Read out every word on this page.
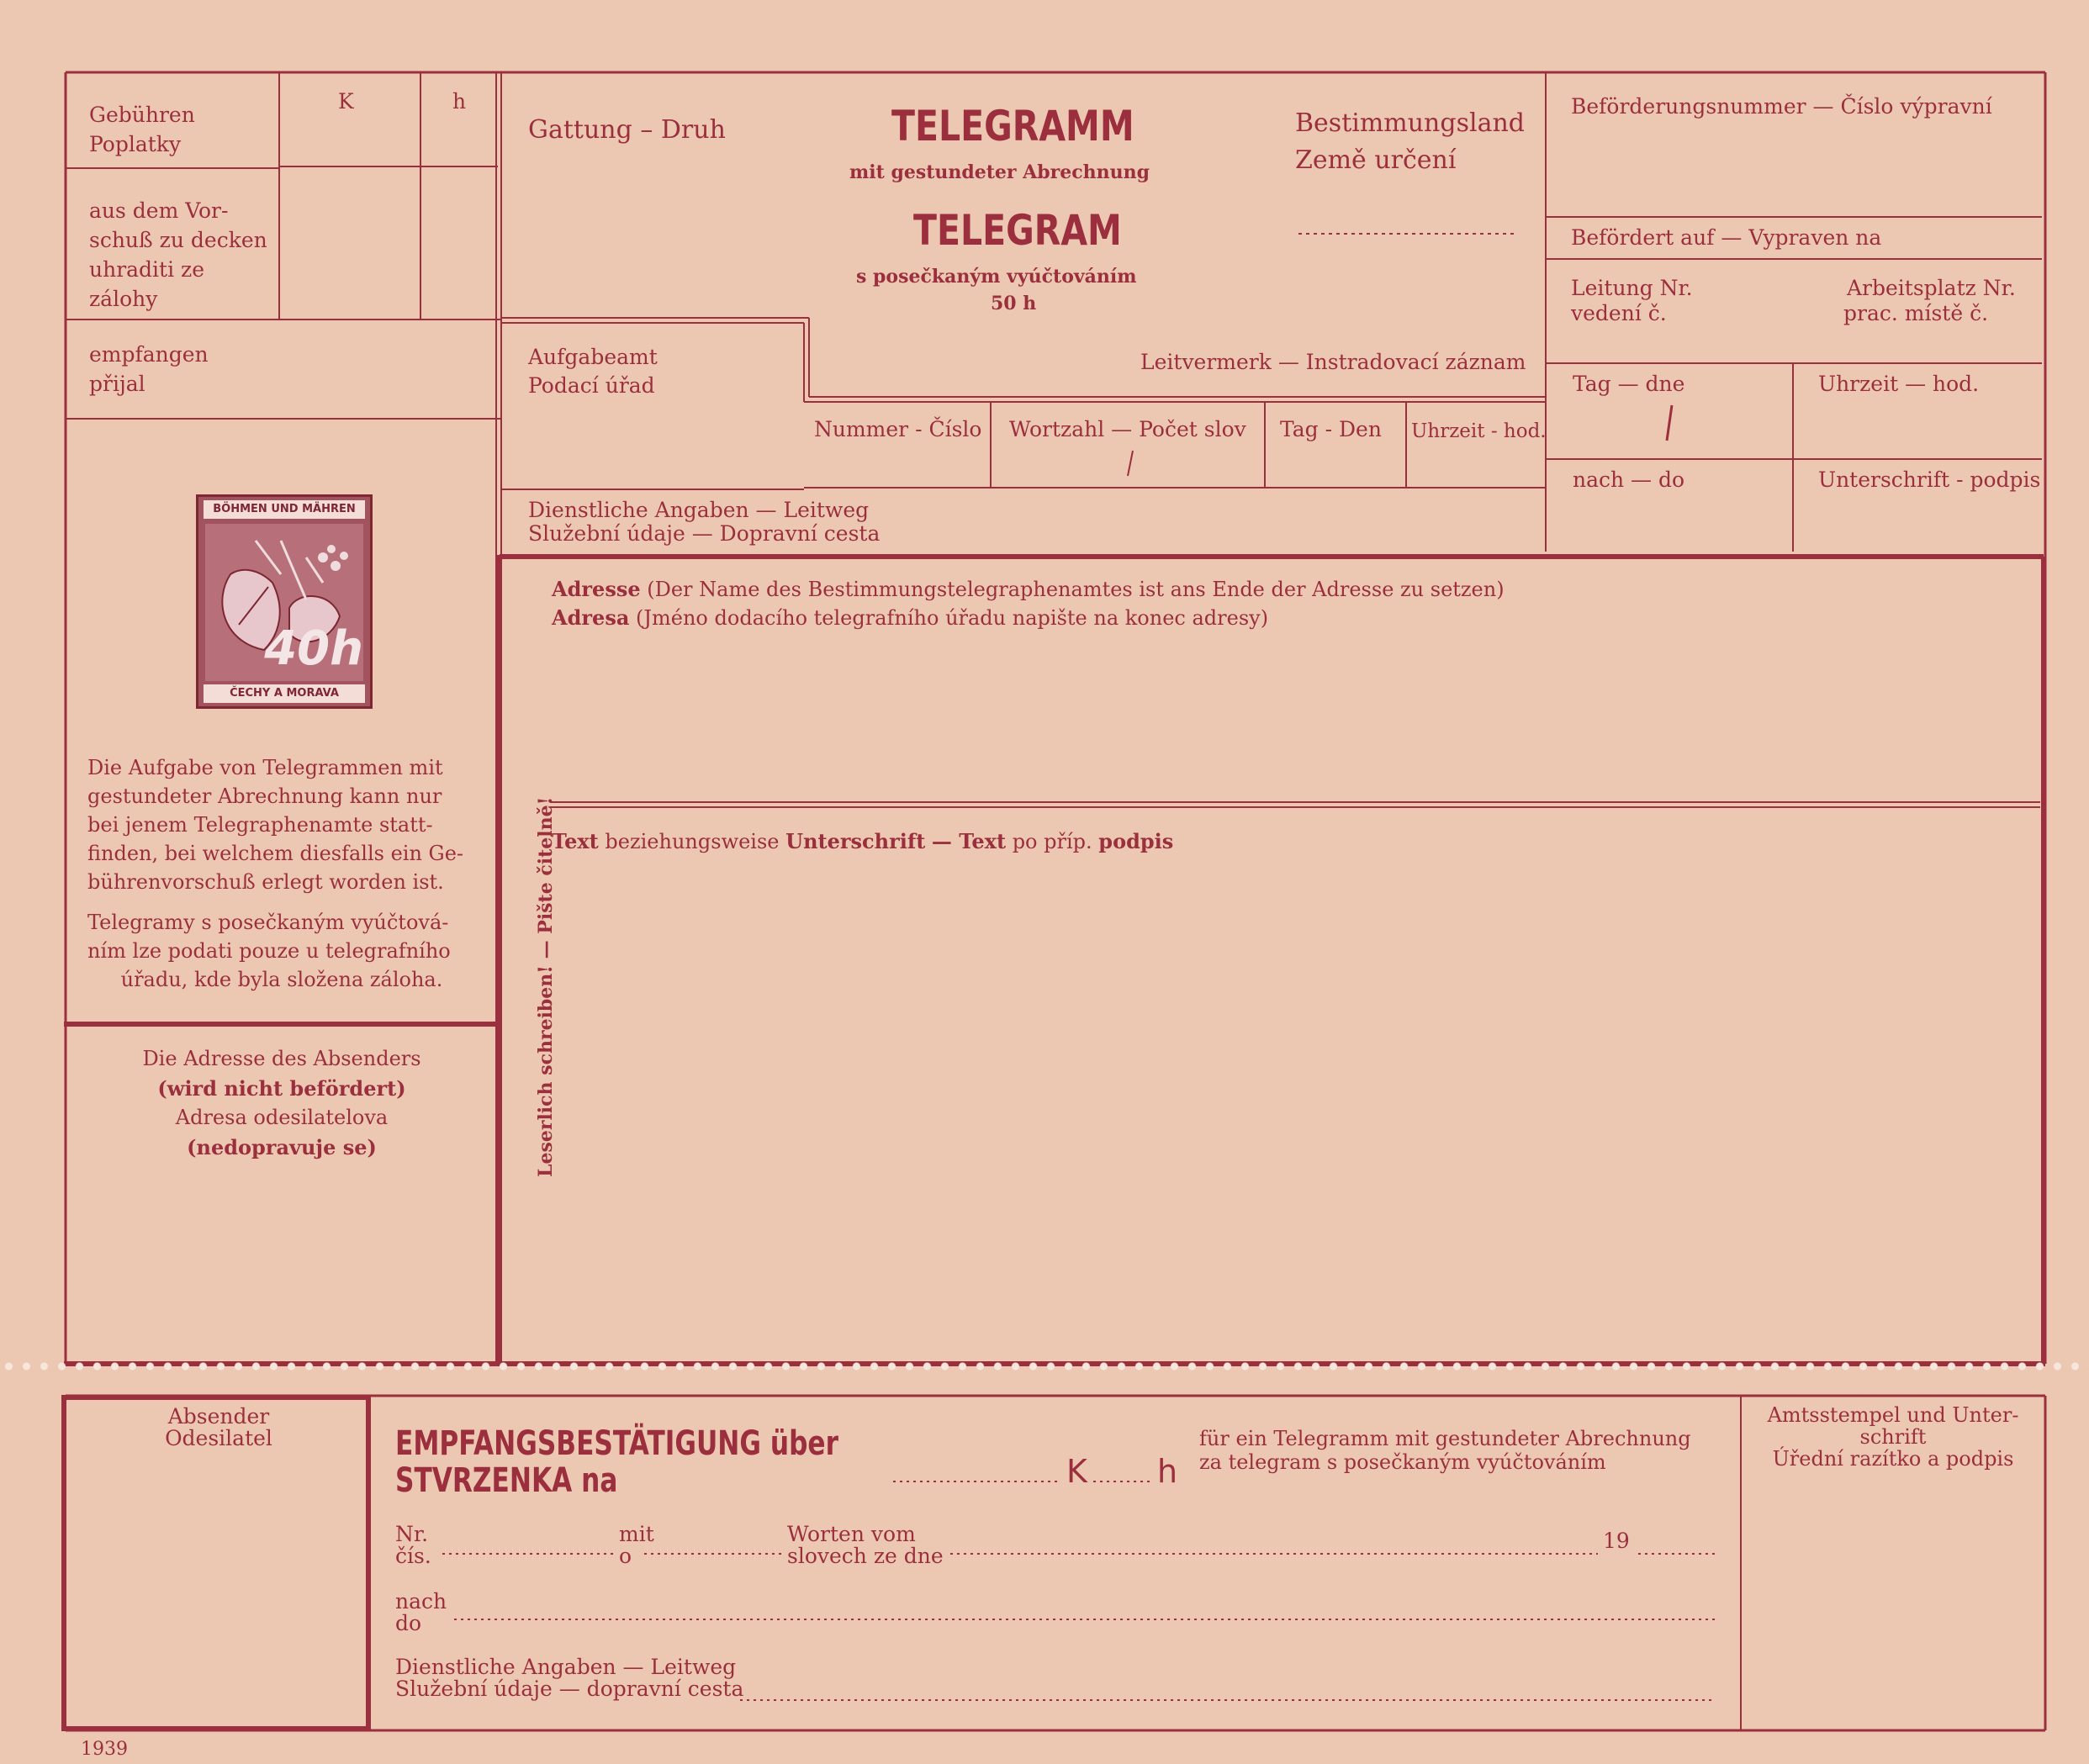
Gebühren
Poplatky
K	h
aus dem Vor-
schuß zu decken
uhraditi ze
zálohy
empfangen
přijal
Gattung – Druh	TELEGRAMM
mit gestundeter Abrechnung
TELEGRAM
s posečkaným vyúčtováním
50 h
Bestimmungsland
Země určení
Beförderungsnummer — Číslo výpravní
Befördert auf — Vypraven na
Leitung Nr.
vedení č.
Arbeitsplatz Nr.
prac. místě č.
Tag — dne	Uhrzeit — hod.
nach — do	Unterschrift - podpis
Aufgabeamt
Podací úřad
Leitvermerk — Instradovací záznam
Nummer - Číslo Wortzahl — Počet slov Tag - Den Uhrzeit - hod.
Dienstliche Angaben — Leitweg
Služební údaje — Dopravní cesta
BÖHMEN UND MÄHREN
40h
ČECHY A MORAVA
Die Aufgabe von Telegrammen mit
gestundeter Abrechnung kann nur
bei jenem Telegraphenamte statt-
finden, bei welchem diesfalls ein Ge-
bührenvorschuß erlegt worden ist.
Telegramy s posečkaným vyúčtová-
ním lze podati pouze u telegrafního
úřadu, kde byla složena záloha.
Die Adresse des Absenders
(wird nicht befördert)
Adresa odesilatelova
(nedopravuje se)	Leserlich schreiben! — Pište čitelně!
Adresse (Der Name des Bestimmungstelegraphenamtes ist ans Ende der Adresse zu setzen)
Adresa (Jméno dodacího telegrafního úřadu napište na konec adresy)
Text beziehungsweise Unterschrift — Text po příp. podpis
Absender
Odesilatel	EMPFANGSBESTÄTIGUNG über
STVRZENKA na	K h
für ein Telegramm mit gestundeter Abrechnung
za telegram s posečkaným vyúčtováním
Amtsstempel und Unter-
schrift
Úřední razítko a podpis
Nr.
čís.
mit
o
Worten vom
slovech ze dne
19
nach
do
Dienstliche Angaben — Leitweg
Služební údaje — dopravní cesta
1939
